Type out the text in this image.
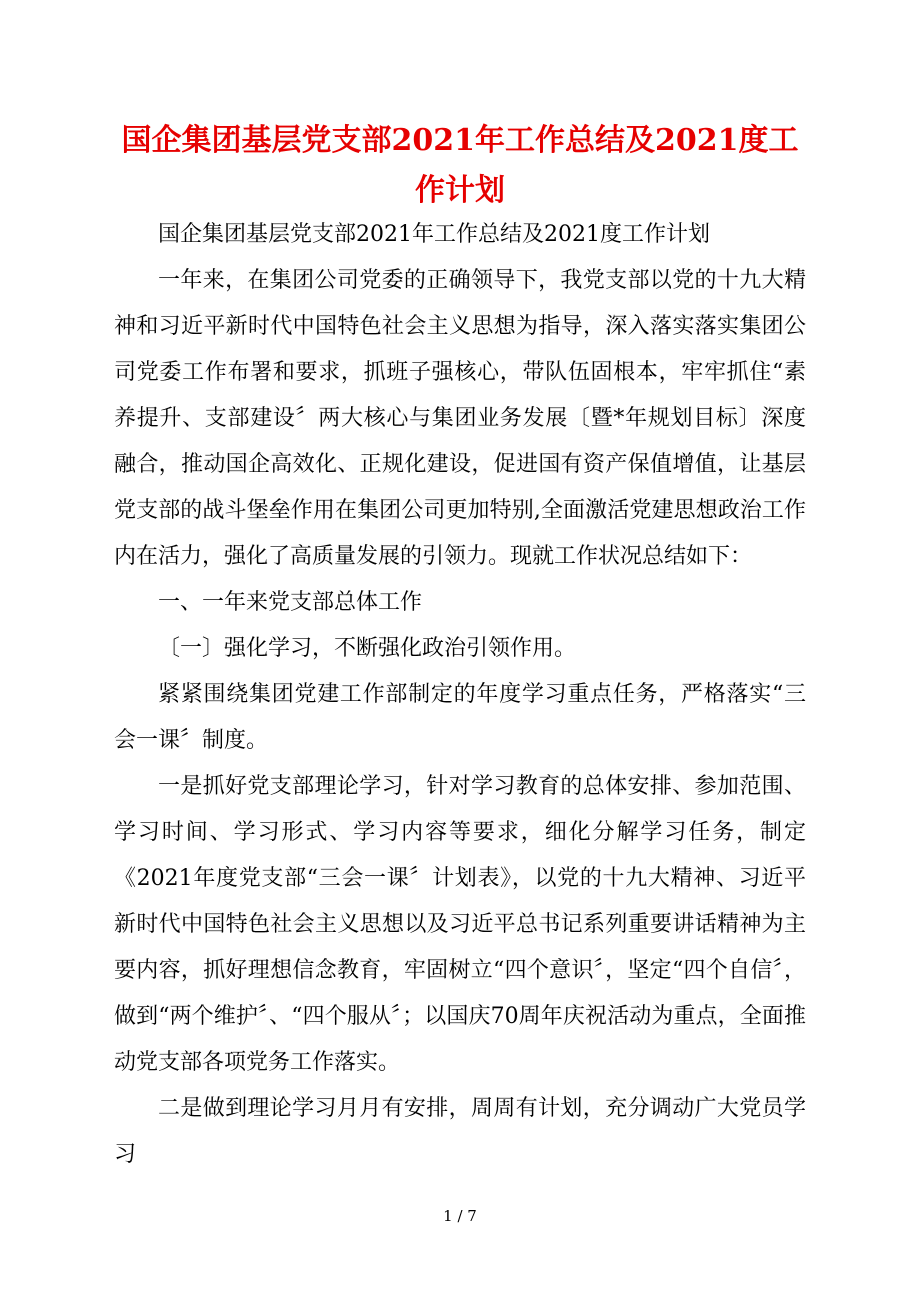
国企集团基层党支部2021年工作总结及2021度工作计划

国企集团基层党支部2021年工作总结及2021度工作计划

一年来，在集团公司党委的正确领导下，我党支部以党的十九大精神和习近平新时代中国特色社会主义思想为指导，深入落实落实集团公司党委工作布署和要求，抓班子强核心，带队伍固根本，牢牢抓住“素养提升、支部建设〞两大核心与集团业务发展〔暨*年规划目标〕深度融合，推动国企高效化、正规化建设，促进国有资产保值增值，让基层党支部的战斗堡垒作用在集团公司更加特别,全面激活党建思想政治工作内在活力，强化了高质量发展的引领力。现就工作状况总结如下：

一、一年来党支部总体工作

〔一〕强化学习，不断强化政治引领作用。

紧紧围绕集团党建工作部制定的年度学习重点任务，严格落实“三会一课〞制度。

一是抓好党支部理论学习，针对学习教育的总体安排、参加范围、学习时间、学习形式、学习内容等要求，细化分解学习任务，制定《2021年度党支部“三会一课〞计划表》，以党的十九大精神、习近平新时代中国特色社会主义思想以及习近平总书记系列重要讲话精神为主要内容，抓好理想信念教育，牢固树立“四个意识〞，坚定“四个自信〞，做到“两个维护〞、“四个服从〞；以国庆70周年庆祝活动为重点，全面推动党支部各项党务工作落实。

二是做到理论学习月月有安排，周周有计划，充分调动广大党员学习

1 / 7
